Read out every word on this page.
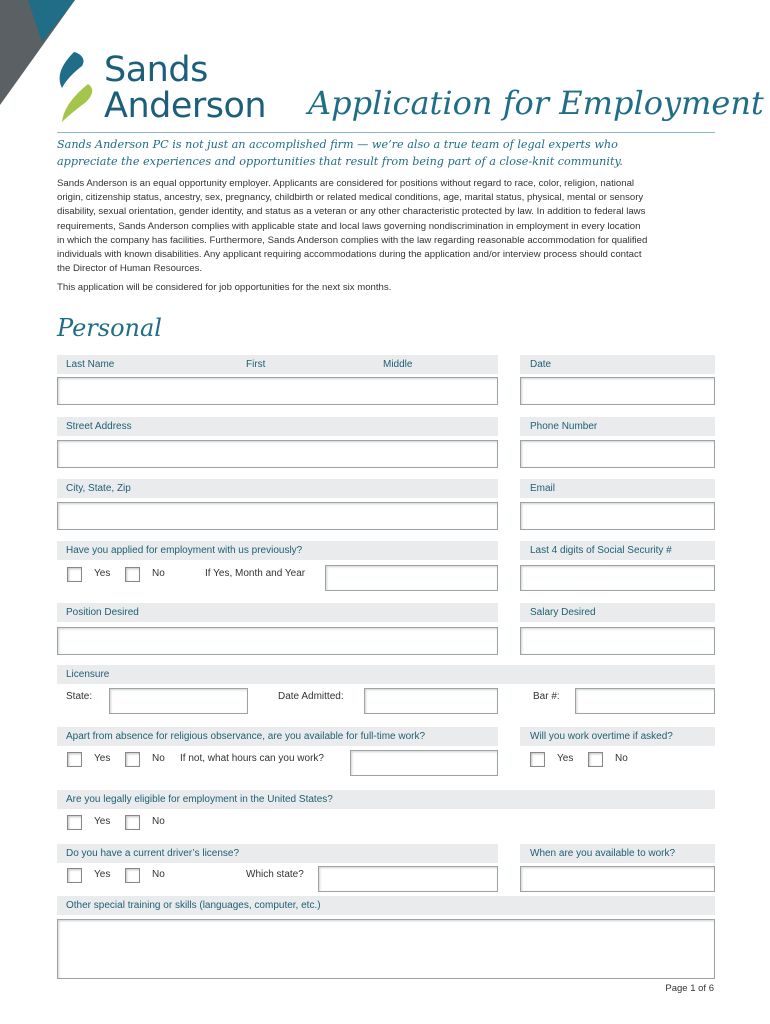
Sands
Anderson Application for Employment
Sands Anderson PC is not just an accomplished firm — we’re also a true team of legal experts who
appreciate the experiences and opportunities that result from being part of a close-knit community.
Sands Anderson is an equal opportunity employer. Applicants are considered for positions without regard to race, color, religion, national
origin, citizenship status, ancestry, sex, pregnancy, childbirth or related medical conditions, age, marital status, physical, mental or sensory
disability, sexual orientation, gender identity, and status as a veteran or any other characteristic protected by law. In addition to federal laws
requirements, Sands Anderson complies with applicable state and local laws governing nondiscrimination in employment in every location
in which the company has facilities. Furthermore, Sands Anderson complies with the law regarding reasonable accommodation for qualified
individuals with known disabilities. Any applicant requiring accommodations during the application and/or interview process should contact
the Director of Human Resources.
This application will be considered for job opportunities for the next six months.
Personal
Last Name	First	Middle	Date
Street Address	Phone Number
City, State, Zip	Email
Have you applied for employment with us previously?	Last 4 digits of Social Security #
Yes	No	If Yes, Month and Year
Position Desired	Salary Desired
Licensure
State:	Date Admitted:	Bar #:
Apart from absence for religious observance, are you available for full-time work?	Will you work overtime if asked?
Yes	No If not, what hours can you work?	Yes	No
Are you legally eligible for employment in the United States?
Yes	No
Do you have a current driver’s license?	When are you available to work?
Yes	No	Which state?
Other special training or skills (languages, computer, etc.)
Page 1 of 6
